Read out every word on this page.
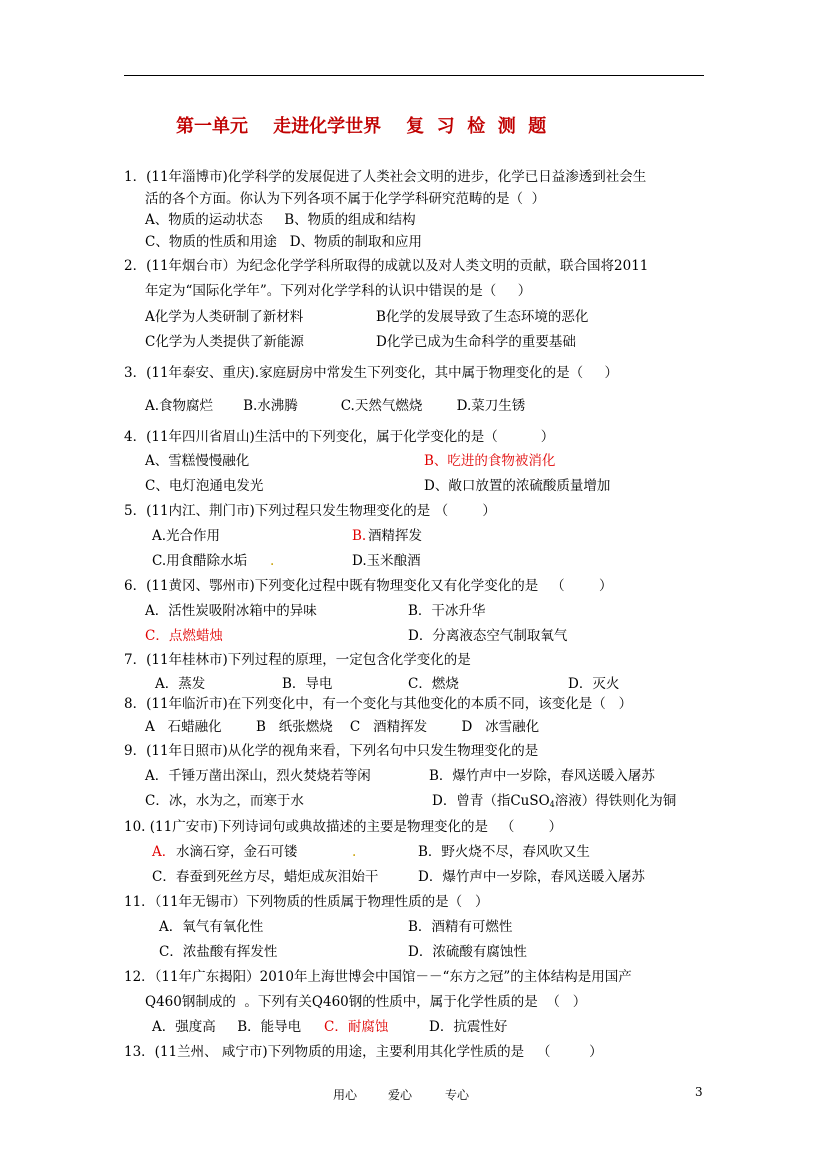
第一单元    走进化学世界    复  习  检  测  题
1．(11年淄博市)化学科学的发展促进了人类社会文明的进步，化学已日益渗透到社会生
活的各个方面。你认为下列各项不属于化学学科研究范畴的是（  ）
A、物质的运动状态     B、物质的组成和结构
C、物质的性质和用途   D、物质的制取和应用
2．(11年烟台市）为纪念化学学科所取得的成就以及对人类文明的贡献，联合国将2011
年定为“国际化学年”。下列对化学学科的认识中错误的是（     ）
A化学为人类研制了新材料	B化学的发展导致了生态环境的恶化
C化学为人类提供了新能源	D化学已成为生命科学的重要基础
3．(11年泰安、重庆).家庭厨房中常发生下列变化，其中属于物理变化的是（     ）
A.食物腐烂       B.水沸腾          C.天然气燃烧        D.菜刀生锈
4．(11年四川省眉山)生活中的下列变化，属于化学变化的是（          ）
A、雪糕慢慢融化	B、吃进的食物被消化
C、电灯泡通电发光	D、敞口放置的浓硫酸质量增加
5．(11内江、荆门市)下列过程只发生物理变化的是 （        ）
A.光合作用	B. 酒精挥发
C.用食醋除水垢 .	D.玉米酿酒
6．(11黄冈、鄂州市)下列变化过程中既有物理变化又有化学变化的是   （        ）
A．活性炭吸附冰箱中的异味	B．干冰升华
C．点燃蜡烛	D．分离液态空气制取氧气
7．(11年桂林市)下列过程的原理，一定包含化学变化的是
A．蒸发	B．导电	C．燃烧	D．灭火
8．(11年临沂市)在下列变化中，有一个变化与其他变化的本质不同，该变化是（   ）
A   石蜡融化        B   纸张燃烧    C   酒精挥发        D   冰雪融化
9．(11年日照市)从化学的视角来看，下列名句中只发生物理变化的是
A．千锤万凿出深山，烈火焚烧若等闲	B．爆竹声中一岁除，春风送暖入屠苏
C．冰，水为之，而寒于水	D．曾青（指CuSO$_4$溶液）得铁则化为铜
10. (11广安市)下列诗词句或典故描述的主要是物理变化的是   （        ）
A． 水滴石穿，金石可镂	.	B．野火烧不尽，春风吹又生
C．春蚕到死丝方尽，蜡炬成灰泪始干	D．爆竹声中一岁除，春风送暖入屠苏
11．（11年无锡市）下列物质的性质属于物理性质的是（   ）
A．氧气有氧化性	B．酒精有可燃性
C．浓盐酸有挥发性	D．浓硫酸有腐蚀性
12．（11年广东揭阳）2010年上海世博会中国馆－－“东方之冠”的主体结构是用国产
Q460钢制成的  。下列有关Q460钢的性质中，属于化学性质的是  （   ）
A．强度高     B．能导电 C．耐腐蚀	D．抗震性好
13．(11兰州、 咸宁市)下列物质的用途，主要利用其化学性质的是   （         ）
用心	爱心	专心	3
